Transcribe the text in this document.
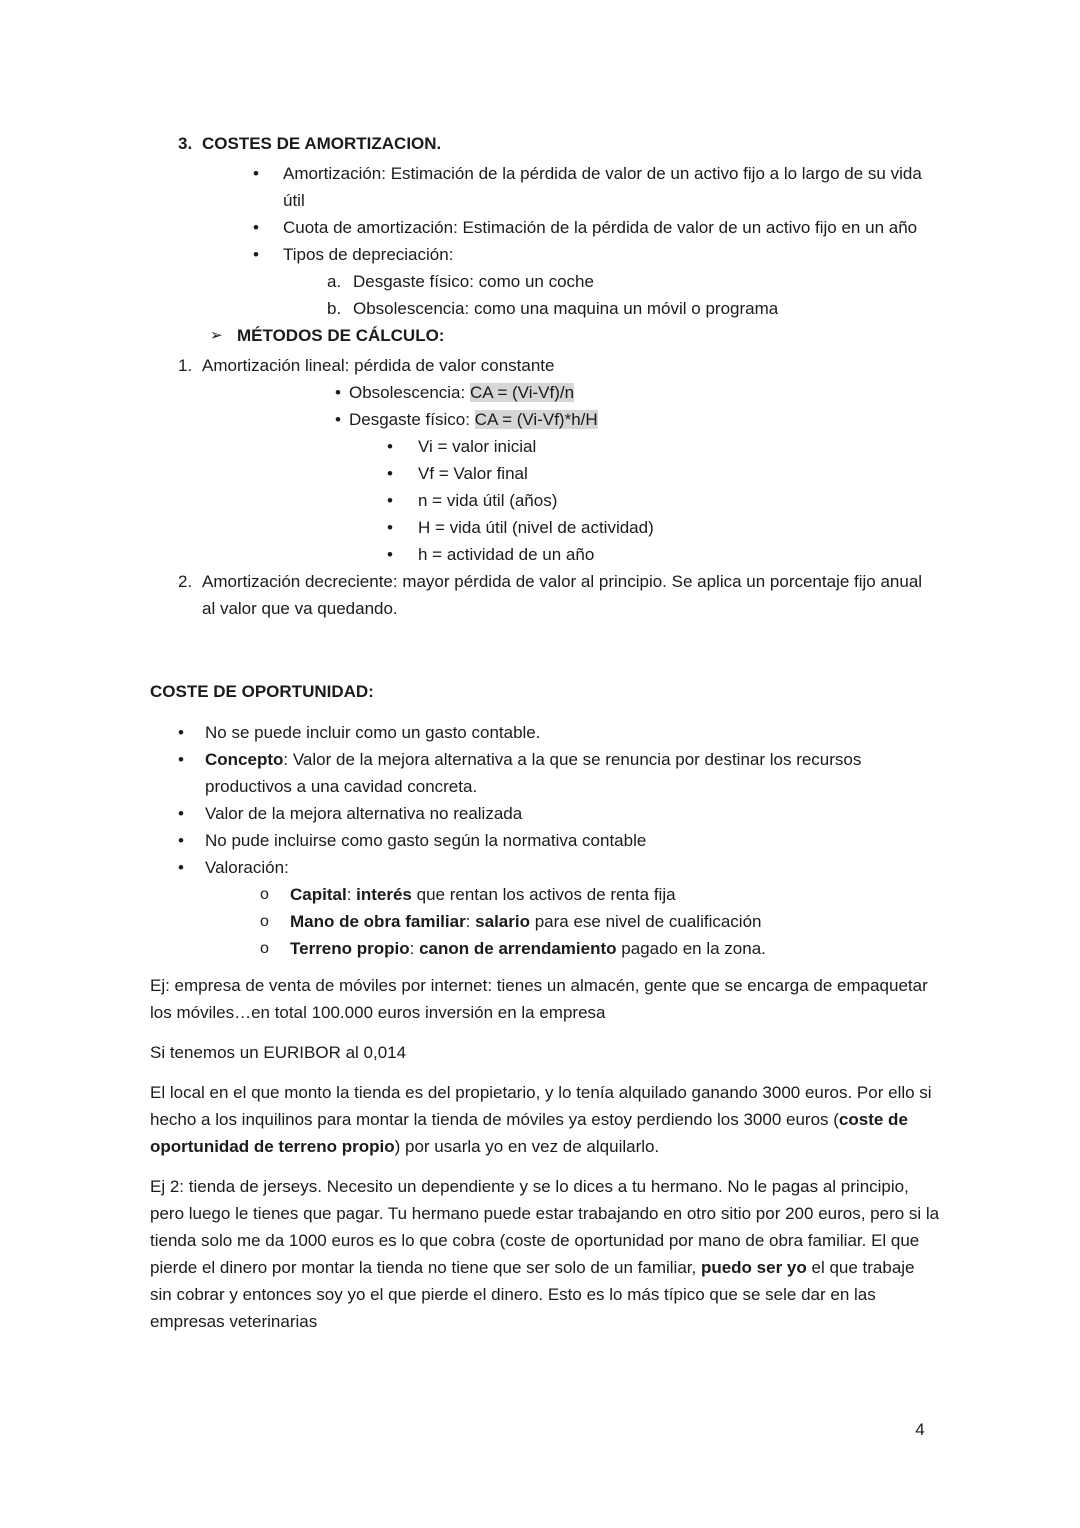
3. COSTES DE AMORTIZACION.
•	Amortización: Estimación de la pérdida de valor de un activo fijo a lo largo de su vida útil
•	Cuota de amortización: Estimación de la pérdida de valor de un activo fijo en un año
•	Tipos de depreciación:
a. Desgaste físico: como un coche
b. Obsolescencia: como una maquina un móvil o programa
➢ MÉTODOS DE CÁLCULO:
1. Amortización lineal: pérdida de valor constante
• Obsolescencia: CA = (Vi-Vf)/n
• Desgaste físico: CA = (Vi-Vf)*h/H
•	Vi = valor inicial
•	Vf = Valor final
•	n = vida útil (años)
•	H = vida útil (nivel de actividad)
•	h = actividad de un año
2. Amortización decreciente: mayor pérdida de valor al principio. Se aplica un porcentaje fijo anual al valor que va quedando.
COSTE DE OPORTUNIDAD:
•	No se puede incluir como un gasto contable.
•	Concepto: Valor de la mejora alternativa a la que se renuncia por destinar los recursos productivos a una cavidad concreta.
•	Valor de la mejora alternativa no realizada
•	No pude incluirse como gasto según la normativa contable
•	Valoración:
o	Capital: interés que rentan los activos de renta fija
o	Mano de obra familiar: salario para ese nivel de cualificación
o	Terreno propio: canon de arrendamiento pagado en la zona.

Ej: empresa de venta de móviles por internet: tienes un almacén, gente que se encarga de empaquetar los móviles…en total 100.000 euros inversión en la empresa

Si tenemos un EURIBOR al 0,014

El local en el que monto la tienda es del propietario, y lo tenía alquilado ganando 3000 euros. Por ello si hecho a los inquilinos para montar la tienda de móviles ya estoy perdiendo los 3000 euros (coste de oportunidad de terreno propio) por usarla yo en vez de alquilarlo.

Ej 2: tienda de jerseys. Necesito un dependiente y se lo dices a tu hermano. No le pagas al principio, pero luego le tienes que pagar. Tu hermano puede estar trabajando en otro sitio por 200 euros, pero si la tienda solo me da 1000 euros es lo que cobra (coste de oportunidad por mano de obra familiar. El que pierde el dinero por montar la tienda no tiene que ser solo de un familiar, puedo ser yo el que trabaje sin cobrar y entonces soy yo el que pierde el dinero. Esto es lo más típico que se sele dar en las empresas veterinarias

4
